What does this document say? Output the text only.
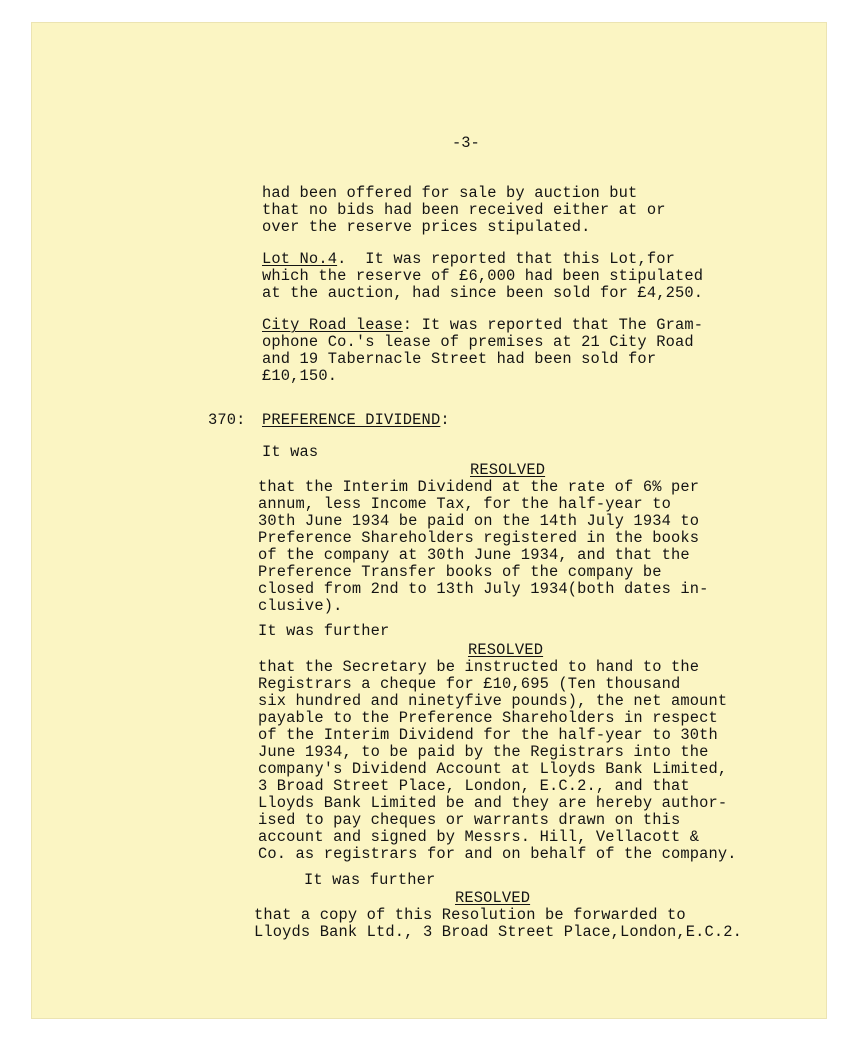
-3-
had been offered for sale by auction but
that no bids had been received either at or
over the reserve prices stipulated.
Lot No.4.  It was reported that this Lot,for
which the reserve of £6,000 had been stipulated
at the auction, had since been sold for £4,250.
City Road lease: It was reported that The Gram-
ophone Co.'s lease of premises at 21 City Road
and 19 Tabernacle Street had been sold for
£10,150.
370: PREFERENCE DIVIDEND:
It was
RESOLVED
that the Interim Dividend at the rate of 6% per
annum, less Income Tax, for the half-year to
30th June 1934 be paid on the 14th July 1934 to
Preference Shareholders registered in the books
of the company at 30th June 1934, and that the
Preference Transfer books of the company be
closed from 2nd to 13th July 1934(both dates in-
clusive).
It was further
RESOLVED
that the Secretary be instructed to hand to the
Registrars a cheque for £10,695 (Ten thousand
six hundred and ninetyfive pounds), the net amount
payable to the Preference Shareholders in respect
of the Interim Dividend for the half-year to 30th
June 1934, to be paid by the Registrars into the
company's Dividend Account at Lloyds Bank Limited,
3 Broad Street Place, London, E.C.2., and that
Lloyds Bank Limited be and they are hereby author-
ised to pay cheques or warrants drawn on this
account and signed by Messrs. Hill, Vellacott &
Co. as registrars for and on behalf of the company.
It was further
RESOLVED
that a copy of this Resolution be forwarded to
Lloyds Bank Ltd., 3 Broad Street Place,London,E.C.2.
